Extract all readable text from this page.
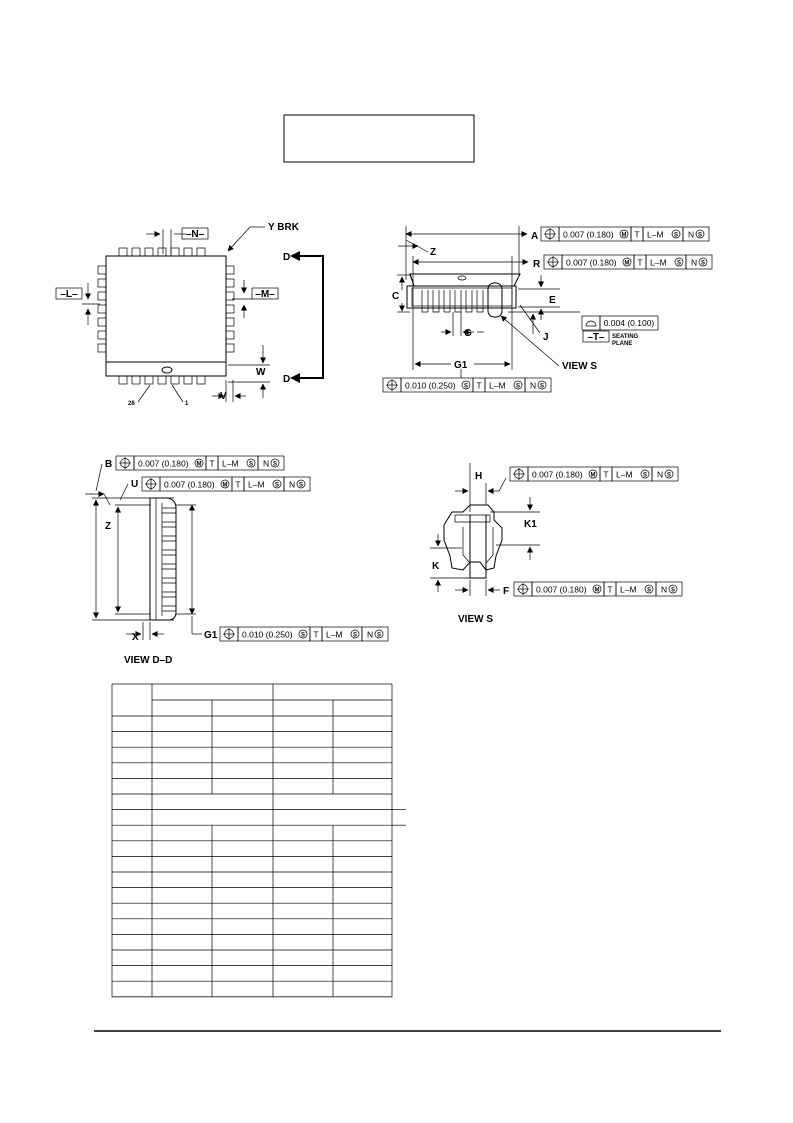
–N–
Y BRK
–L–	–M–
D
D
W
V
28	1
A
R
Z
C	E
J
G
G1	VIEW S
0.004 (0.100)
–T– SEATING
PLANE
B
U
Z
X	G1
VIEW D–D
H
K1
K
F
VIEW S
0.007 (0.180) M T L–M S N S
0.007 (0.180) M T L–M S N S
0.010 (0.250) S T L–M S N S
0.007 (0.180) M T L–M S N S
0.007 (0.180) M T L–M S N S
0.010 (0.250) S T L–M S N S
0.007 (0.180) M T L–M S N S
0.007 (0.180) M T L–M S N S
